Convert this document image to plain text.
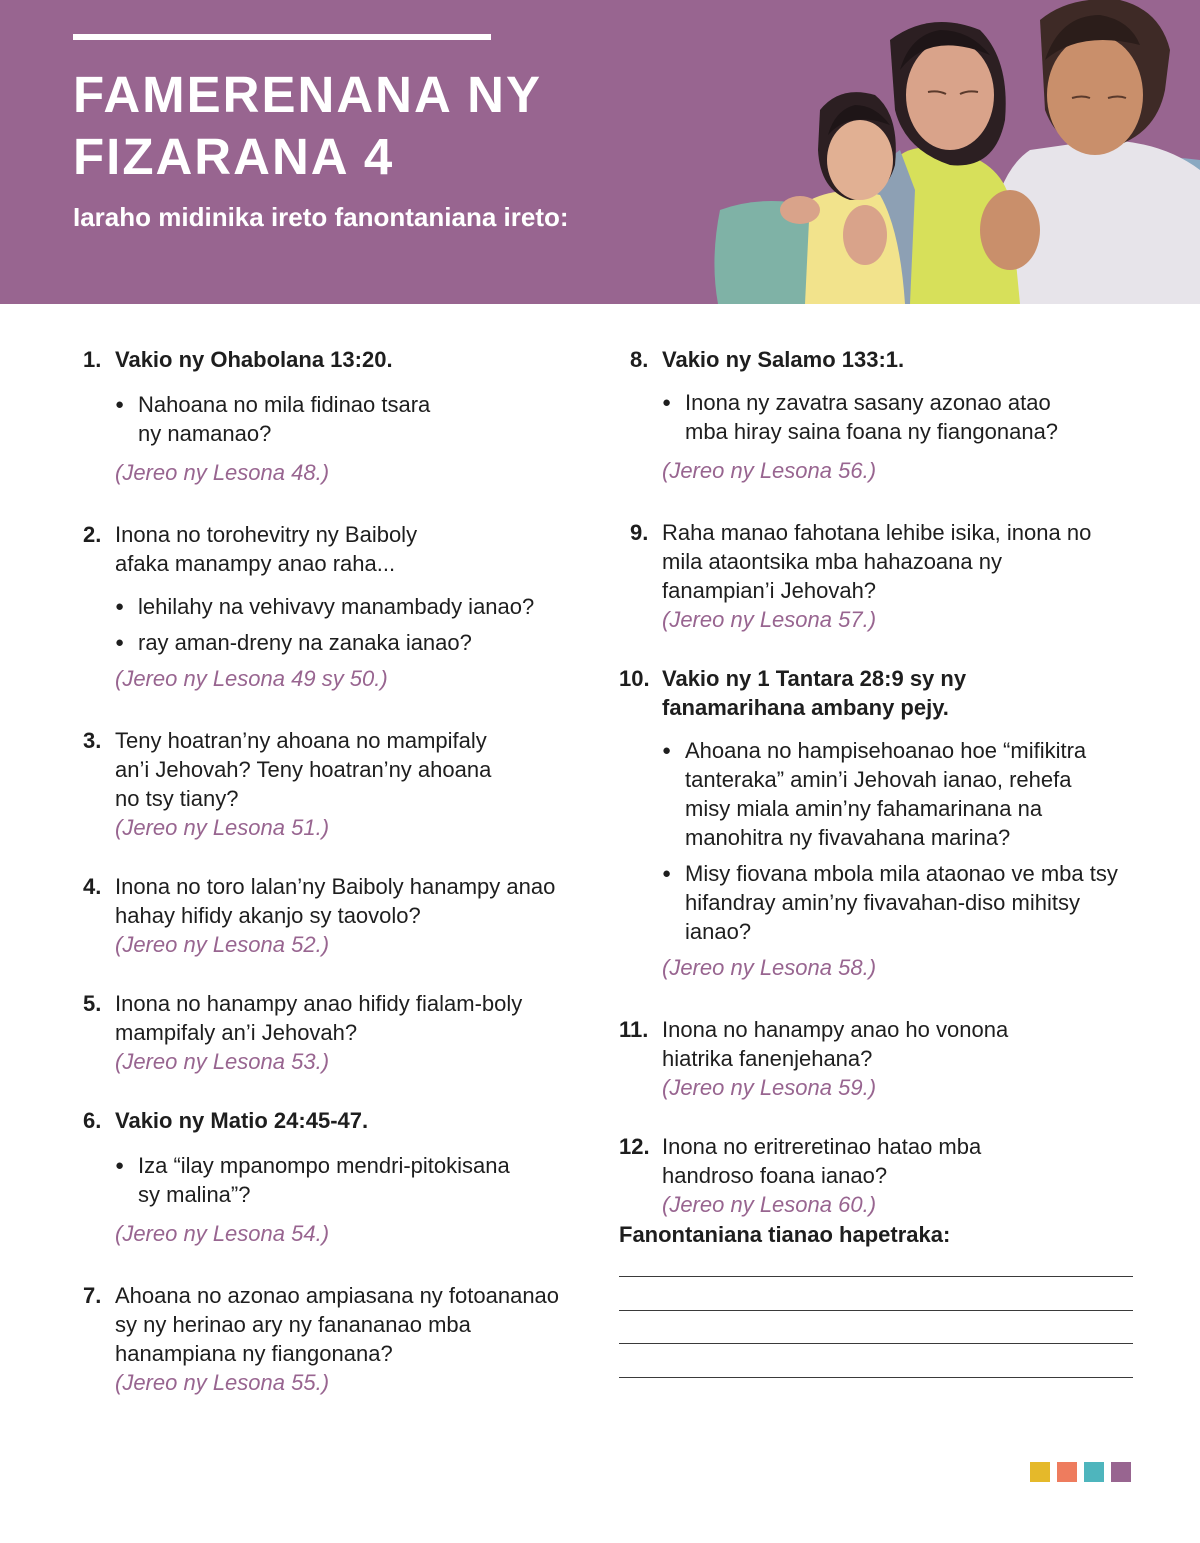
FAMERENANA NY FIZARANA 4
Iaraho midinika ireto fanontaniana ireto:
1. Vakio ny Ohabolana 13:20.
● Nahoana no mila fidinao tsara ny namanao?
(Jereo ny Lesona 48.)
2. Inona no torohevitry ny Baiboly afaka manampy anao raha...
● lehilahy na vehivavy manambady ianao?
● ray aman-dreny na zanaka ianao?
(Jereo ny Lesona 49 sy 50.)
3. Teny hoatran’ny ahoana no mampifaly an’i Jehovah? Teny hoatran’ny ahoana no tsy tiany?
(Jereo ny Lesona 51.)
4. Inona no toro lalan’ny Baiboly hanampy anao hahay hifidy akanjo sy taovolo?
(Jereo ny Lesona 52.)
5. Inona no hanampy anao hifidy fialam-boly mampifaly an’i Jehovah?
(Jereo ny Lesona 53.)
6. Vakio ny Matio 24:45-47.
● Iza “ilay mpanompo mendri-pitokisana sy malina”?
(Jereo ny Lesona 54.)
7. Ahoana no azonao ampiasana ny fotoananao sy ny herinao ary ny fanananao mba hanampiana ny fiangonana?
(Jereo ny Lesona 55.)
8. Vakio ny Salamo 133:1.
● Inona ny zavatra sasany azonao atao mba hiray saina foana ny fiangonana?
(Jereo ny Lesona 56.)
9. Raha manao fahotana lehibe isika, inona no mila ataontsika mba hahazoana ny fanampian’i Jehovah?
(Jereo ny Lesona 57.)
10. Vakio ny 1 Tantara 28:9 sy ny fanamarihana ambany pejy.
● Ahoana no hampisehoanao hoe “mifikitra tanteraka” amin’i Jehovah ianao, rehefa misy miala amin’ny fahamarinana na manohitra ny fivavahana marina?
● Misy fiovana mbola mila ataonao ve mba tsy hifandray amin’ny fivavahan-diso mihitsy ianao?
(Jereo ny Lesona 58.)
11. Inona no hanampy anao ho vonona hiatrika fanenjehana?
(Jereo ny Lesona 59.)
12. Inona no eritreretinao hatao mba handroso foana ianao?
(Jereo ny Lesona 60.)
Fanontaniana tianao hapetraka:
